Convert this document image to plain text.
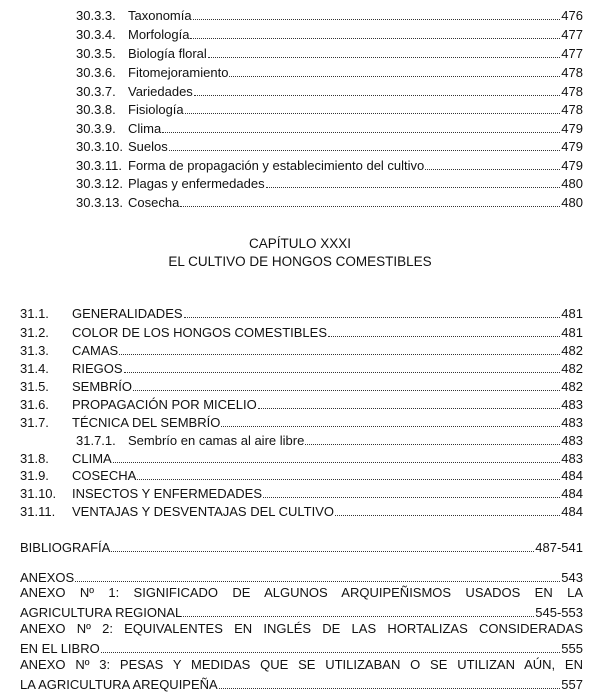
30.3.3. Taxonomía	476
30.3.4. Morfología	477
30.3.5. Biología floral	477
30.3.6. Fitomejoramiento	478
30.3.7. Variedades	478
30.3.8. Fisiología	478
30.3.9. Clima	479
30.3.10. Suelos	479
30.3.11. Forma de propagación y establecimiento del cultivo	479
30.3.12. Plagas y enfermedades	480
30.3.13. Cosecha	480
CAPÍTULO XXXI
EL CULTIVO DE HONGOS COMESTIBLES
31.1.	GENERALIDADES	481
31.2.	COLOR DE LOS HONGOS COMESTIBLES	481
31.3.	CAMAS	482
31.4.	RIEGOS	482
31.5.	SEMBRÍO	482
31.6.	PROPAGACIÓN POR MICELIO	483
31.7.	TÉCNICA DEL SEMBRÍO	483
31.7.1. Sembrío en camas al aire libre	483
31.8.	CLIMA	483
31.9.	COSECHA	484
31.10.	INSECTOS Y ENFERMEDADES	484
31.11.	VENTAJAS Y DESVENTAJAS DEL CULTIVO	484
BIBLIOGRAFÍA	487-541
ANEXOS	543
ANEXO Nº 1: SIGNIFICADO DE ALGUNOS ARQUIPEÑISMOS USADOS EN LA
AGRICULTURA REGIONAL	545-553
ANEXO Nº 2: EQUIVALENTES EN INGLÉS DE LAS HORTALIZAS CONSIDERADAS
EN EL LIBRO	555
ANEXO Nº 3: PESAS Y MEDIDAS QUE SE UTILIZABAN O SE UTILIZAN AÚN, EN
LA AGRICULTURA AREQUIPEÑA	557
